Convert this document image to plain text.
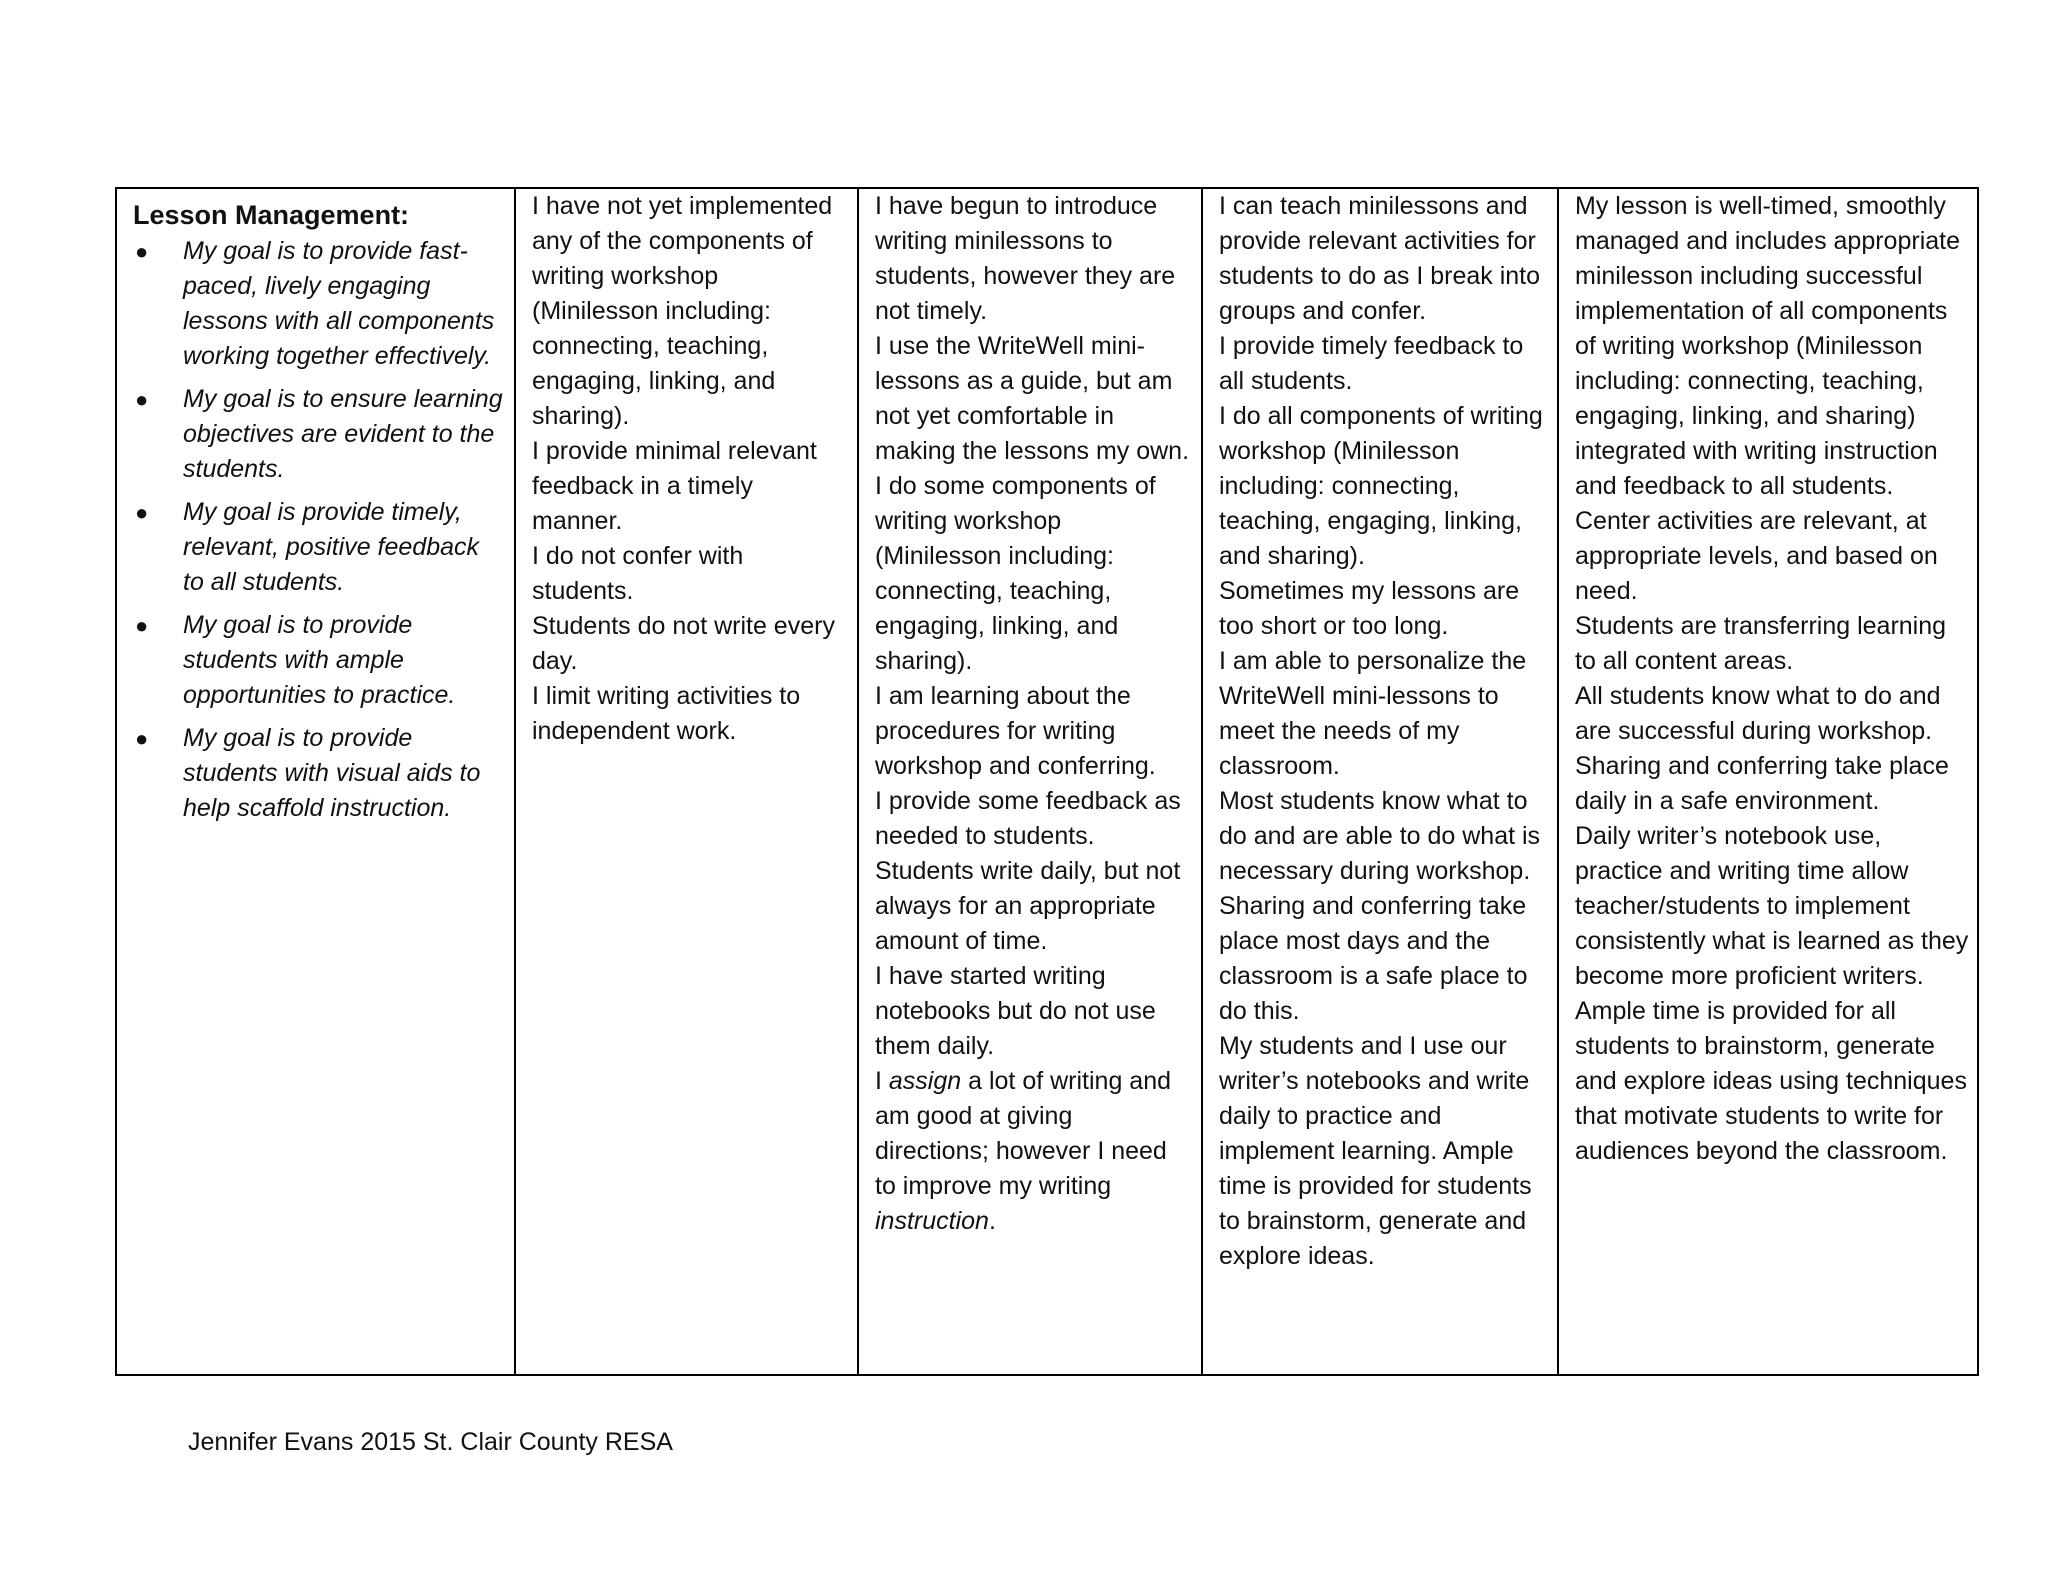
Lesson Management:
● My goal is to provide fast-paced, lively engaging lessons with all components working together effectively.
● My goal is to ensure learning objectives are evident to the students.
● My goal is provide timely, relevant, positive feedback to all students.
● My goal is to provide students with ample opportunities to practice.
● My goal is to provide students with visual aids to help scaffold instruction.

I have not yet implemented any of the components of writing workshop (Minilesson including: connecting, teaching, engaging, linking, and sharing).
I provide minimal relevant feedback in a timely manner.
I do not confer with students.
Students do not write every day.
I limit writing activities to independent work.

I have begun to introduce writing minilessons to students, however they are not timely.
I use the WriteWell mini-lessons as a guide, but am not yet comfortable in making the lessons my own.
I do some components of writing workshop (Minilesson including: connecting, teaching, engaging, linking, and sharing).
I am learning about the procedures for writing workshop and conferring.
I provide some feedback as needed to students.
Students write daily, but not always for an appropriate amount of time.
I have started writing notebooks but do not use them daily.
I assign a lot of writing and am good at giving directions; however I need to improve my writing instruction.

I can teach minilessons and provide relevant activities for students to do as I break into groups and confer.
I provide timely feedback to all students.
I do all components of writing workshop (Minilesson including: connecting, teaching, engaging, linking, and sharing).
Sometimes my lessons are too short or too long.
I am able to personalize the WriteWell mini-lessons to meet the needs of my classroom.
Most students know what to do and are able to do what is necessary during workshop.
Sharing and conferring take place most days and the classroom is a safe place to do this.
My students and I use our writer’s notebooks and write daily to practice and implement learning. Ample time is provided for students to brainstorm, generate and explore ideas.

My lesson is well-timed, smoothly managed and includes appropriate minilesson including successful implementation of all components of writing workshop (Minilesson including: connecting, teaching, engaging, linking, and sharing) integrated with writing instruction and feedback to all students.
Center activities are relevant, at appropriate levels, and based on need.
Students are transferring learning to all content areas.
All students know what to do and are successful during workshop.
Sharing and conferring take place daily in a safe environment.
Daily writer’s notebook use, practice and writing time allow teacher/students to implement consistently what is learned as they become more proficient writers.
Ample time is provided for all students to brainstorm, generate and explore ideas using techniques that motivate students to write for audiences beyond the classroom.
Jennifer Evans 2015 St. Clair County RESA
